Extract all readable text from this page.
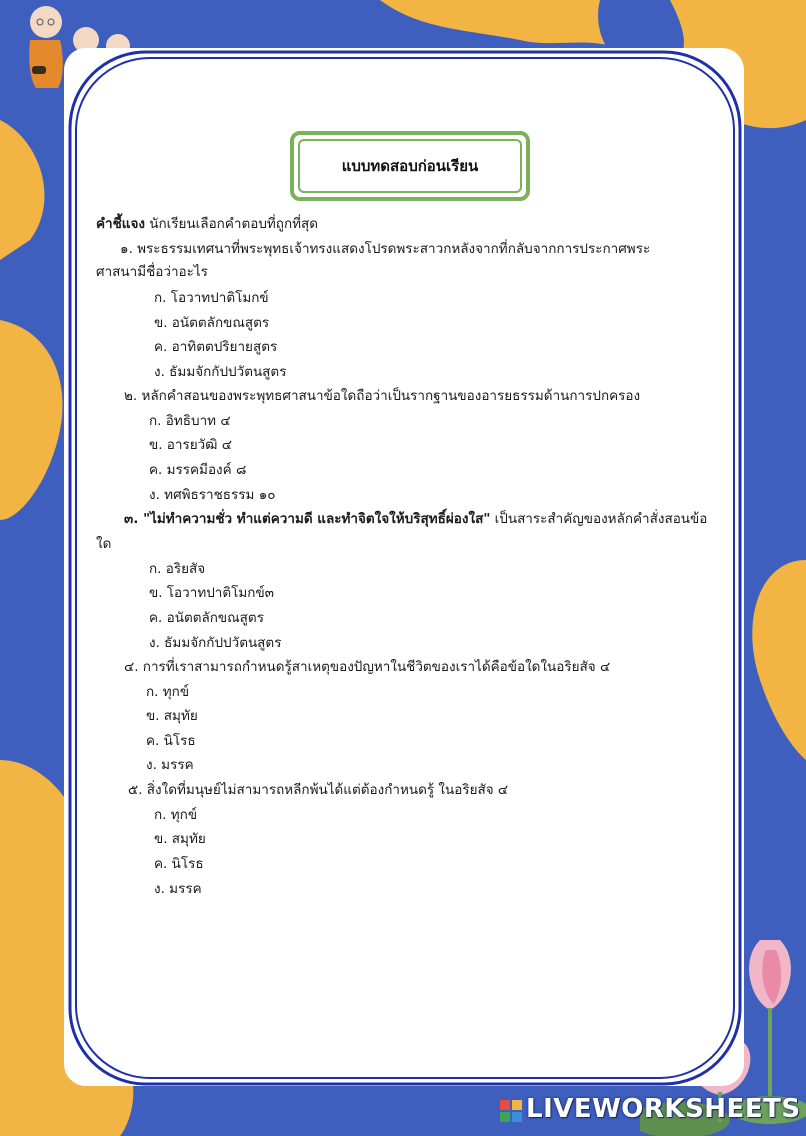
แบบทดสอบก่อนเรียน
คำชี้แจง นักเรียนเลือกคำตอบที่ถูกที่สุด
๑. พระธรรมเทศนาที่พระพุทธเจ้าทรงแสดงโปรดพระสาวกหลังจากที่กลับจากการประกาศพระ
ศาสนามีชื่อว่าอะไร
ก. โอวาทปาติโมกข์
ข. อนัตตลักขณสูตร
ค. อาทิตตปริยายสูตร
ง. ธัมมจักกัปปวัตนสูตร
๒. หลักคำสอนของพระพุทธศาสนาข้อใดถือว่าเป็นรากฐานของอารยธรรมด้านการปกครอง
ก. อิทธิบาท ๔
ข. อารยวัฒิ ๔
ค. มรรคมีองค์ ๘
ง. ทศพิธราชธรรม ๑๐
๓. "ไม่ทำความชั่ว ทำแต่ความดี และทำจิตใจให้บริสุทธิ์ผ่องใส" เป็นสาระสำคัญของหลักคำสั่งสอนข้อ
ใด
ก. อริยสัจ
ข. โอวาทปาติโมกข์๓
ค. อนัตตลักขณสูตร
ง. ธัมมจักกัปปวัตนสูตร
๔. การที่เราสามารถกำหนดรู้สาเหตุของปัญหาในชีวิตของเราได้คือข้อใดในอริยสัจ ๔
ก. ทุกข์
ข. สมุทัย
ค. นิโรธ
ง. มรรค
๕. สิ่งใดที่มนุษย์ไม่สามารถหลีกพ้นได้แต่ต้องกำหนดรู้ ในอริยสัจ ๔
ก. ทุกข์
ข. สมุทัย
ค. นิโรธ
ง. มรรค
LIVEWORKSHEETS
